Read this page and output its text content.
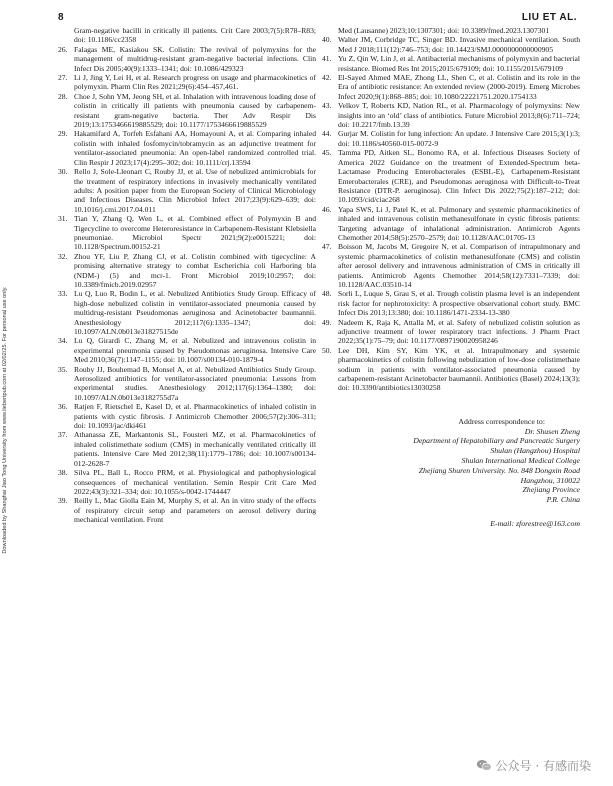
8	LIU ET AL.
Downloaded by Shanghai Jiao Tong University from www.liebertpub.com at 02/02/25. For personal use only.

Gram-negative bacilli in critically ill patients. Crit Care 2003;7(5):R78–R83; doi: 10.1186/cc2358

26. Falagas ME, Kasiakou SK. Colistin: The revival of polymyxins for the management of multidrug-resistant gram-negative bacterial infections. Clin Infect Dis 2005;40(9):1333–1341; doi: 10.1086/429323

27. Li J, Jing Y, Lei H, et al. Research progress on usage and pharmacokinetics of polymyxin. Pharm Clin Res 2021;29(6):454–457,461.

28. Choe J, Sohn YM, Jeong SH, et al. Inhalation with intravenous loading dose of colistin in critically ill patients with pneumonia caused by carbapenem-resistant gram-negative bacteria. Ther Adv Respir Dis 2019;13:1753466619885529; doi: 10.1177/1753466619885529

29. Hakamifard A, Torfeh Esfahani AA, Homayouni A, et al. Comparing inhaled colistin with inhaled fosfomycin/tobramycin as an adjunctive treatment for ventilator-associated pneumonia: An open-label randomized controlled trial. Clin Respir J 2023;17(4):295–302; doi: 10.1111/crj.13594

30. Rello J, Sole-Lleonart C, Rouby JJ, et al. Use of nebulized antimicrobials for the treatment of respiratory infections in invasively mechanically ventilated adults: A position paper from the European Society of Clinical Microbiology and Infectious Diseases. Clin Microbiol Infect 2017;23(9):629–639; doi: 10.1016/j.cmi.2017.04.011

31. Tian Y, Zhang Q, Wen L, et al. Combined effect of Polymyxin B and Tigecycline to overcome Heteroresistance in Carbapenem-Resistant Klebsiella pneumoniae. Microbiol Spectr 2021;9(2):e0015221; doi: 10.1128/Spectrum.00152-21

32. Zhou YF, Liu P, Zhang CJ, et al. Colistin combined with tigecycline: A promising alternative strategy to combat Escherichia coli Harboring bla (NDM-) (5) and mcr-1. Front Microbiol 2019;10:2957; doi: 10.3389/fmicb.2019.02957

33. Lu Q, Luo R, Bodin L, et al. Nebulized Antibiotics Study Group. Efficacy of high-dose nebulized colistin in ventilator-associated pneumonia caused by multidrug-resistant Pseudomonas aeruginosa and Acinetobacter baumannii. Anesthesiology 2012;117(6):1335–1347; doi: 10.1097/ALN.0b013e31827515de

34. Lu Q, Girardi C, Zhang M, et al. Nebulized and intravenous colistin in experimental pneumonia caused by Pseudomonas aeruginosa. Intensive Care Med 2010;36(7):1147–1155; doi: 10.1007/s00134-010-1879-4

35. Rouby JJ, Bouhemad B, Monsel A, et al. Nebulized Antibiotics Study Group. Aerosolized antibiotics for ventilator-associated pneumonia: Lessons from experimental studies. Anesthesiology 2012;117(6):1364–1380; doi: 10.1097/ALN.0b013e3182755d7a

36. Ratjen F, Rietschel E, Kasel D, et al. Pharmacokinetics of inhaled colistin in patients with cystic fibrosis. J Antimicrob Chemother 2006;57(2):306–311; doi: 10.1093/jac/dki461

37. Athanassa ZE, Markantonis SL, Fousteri MZ, et al. Pharmacokinetics of inhaled colistimethate sodium (CMS) in mechanically ventilated critically ill patients. Intensive Care Med 2012;38(11):1779–1786; doi: 10.1007/s00134-012-2628-7

38. Silva PL, Ball L, Rocco PRM, et al. Physiological and pathophysiological consequences of mechanical ventilation. Semin Respir Crit Care Med 2022;43(3):321–334; doi: 10.1055/s-0042-1744447

39. Reilly L, Mac Giolla Eain M, Murphy S, et al. An in vitro study of the effects of respiratory circuit setup and parameters on aerosol delivery during mechanical ventilation. Front

Med (Lausanne) 2023;10:1307301; doi: 10.3389/fmed.2023.1307301

40. Walter JM, Corbridge TC, Singer BD. Invasive mechanical ventilation. South Med J 2018;111(12):746–753; doi: 10.14423/SMJ.0000000000000905

41. Yu Z, Qin W, Lin J, et al. Antibacterial mechanisms of polymyxin and bacterial resistance. Biomed Res Int 2015;2015:679109; doi: 10.1155/2015/679109

42. El-Sayed Ahmed MAE, Zhong LL, Shen C, et al. Colistin and its role in the Era of antibiotic resistance: An extended review (2000-2019). Emerg Microbes Infect 2020;9(1):868–885; doi: 10.1080/22221751.2020.1754133

43. Velkov T, Roberts KD, Nation RL, et al. Pharmacology of polymyxins: New insights into an ‘old’ class of antibiotics. Future Microbiol 2013;8(6):711–724; doi: 10.2217/fmb.13.39

44. Gurjar M. Colistin for lung infection: An update. J Intensive Care 2015;3(1):3; doi: 10.1186/s40560-015-0072-9

45. Tamma PD, Aitken SL, Bonomo RA, et al. Infectious Diseases Society of America 2022 Guidance on the treatment of Extended-Spectrum beta-Lactamase Producing Enterobacterales (ESBL-E), Carbapenem-Resistant Enterobacterales (CRE), and Pseudomonas aeruginosa with Difficult-to-Treat Resistance (DTR-P. aeruginosa). Clin Infect Dis 2022;75(2):187–212; doi: 10.1093/cid/ciac268

46. Yapa SWS, Li J, Patel K, et al. Pulmonary and systemic pharmacokinetics of inhaled and intravenous colistin methanesulfonate in cystic fibrosis patients: Targeting advantage of inhalational administration. Antimicrob Agents Chemother 2014;58(5):2570–2579; doi: 10.1128/AAC.01705-13

47. Boisson M, Jacobs M, Gregoire N, et al. Comparison of intrapulmonary and systemic pharmacokinetics of colistin methanesulfonate (CMS) and colistin after aerosol delivery and intravenous administration of CMS in critically ill patients. Antimicrob Agents Chemother 2014;58(12):7331–7339; doi: 10.1128/AAC.03510-14

48. Sorli L, Luque S, Grau S, et al. Trough colistin plasma level is an independent risk factor for nephrotoxicity: A prospective observational cohort study. BMC Infect Dis 2013;13:380; doi: 10.1186/1471-2334-13-380

49. Nadeem K, Raja K, Attalla M, et al. Safety of nebulized colistin solution as adjunctive treatment of lower respiratory tract infections. J Pharm Pract 2022;35(1):75–79; doi: 10.1177/0897190020958246

50. Lee DH, Kim SY, Kim YK, et al. Intrapulmonary and systemic pharmacokinetics of colistin following nebulization of low-dose colistimethate sodium in patients with ventilator-associated pneumonia caused by carbapenem-resistant Acinetobacter baumannii. Antibiotics (Basel) 2024;13(3); doi: 10.3390/antibiotics13030258

Address correspondence to:
Dr. Shusen Zheng
Department of Hepatobiliary and Pancreatic Surgery
Shulan (Hangzhou) Hospital
Shulan International Medical College
Zhejiang Shuren University. No. 848 Dongxin Road
Hangzhou, 310022
Zhejiang Province
P.R. China
E-mail: zforestree@163.com
公众号 · 有感而染
